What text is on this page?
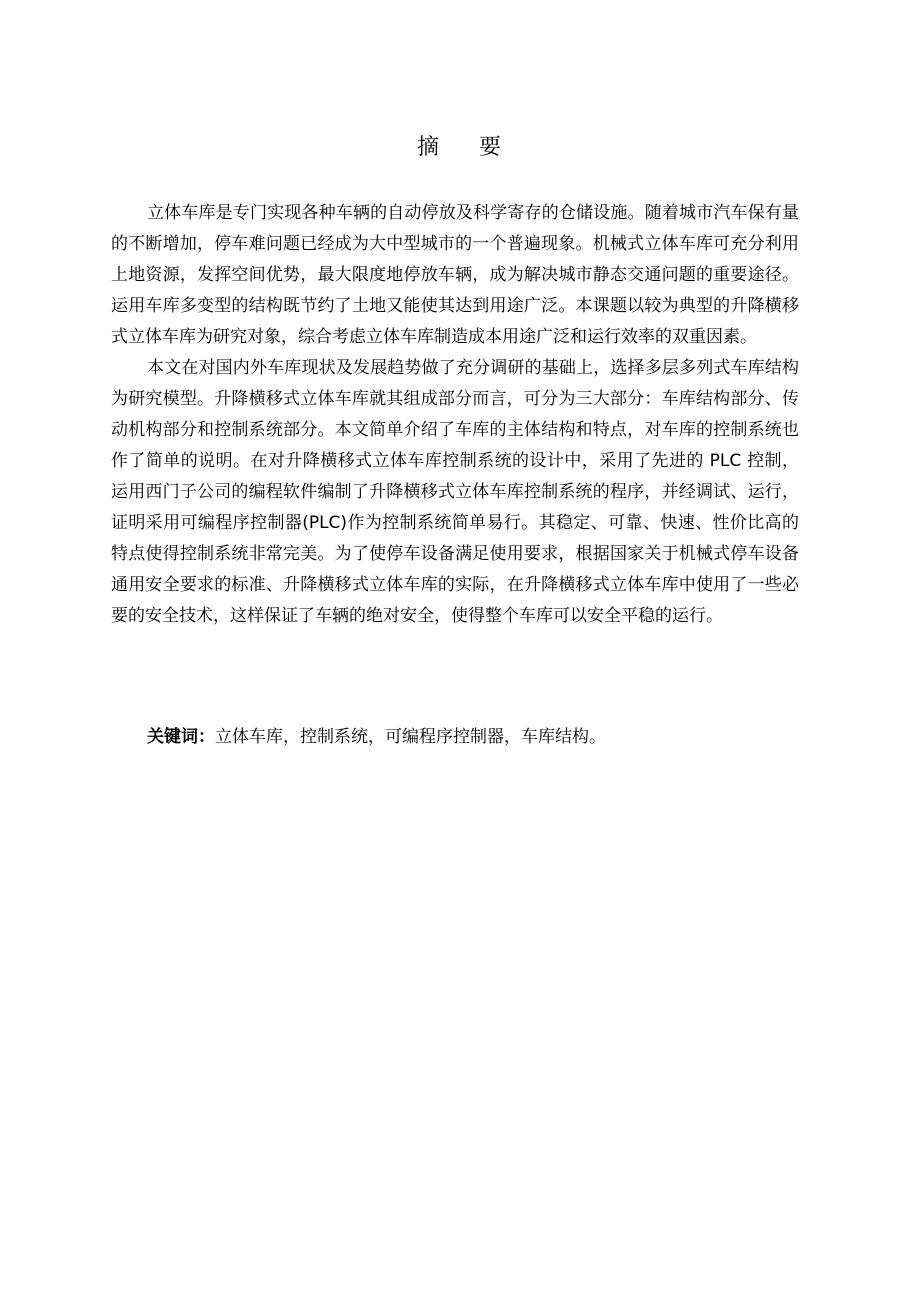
摘 要

立体车库是专门实现各种车辆的自动停放及科学寄存的仓储设施。随着城市汽车保有量的不断增加，停车难问题已经成为大中型城市的一个普遍现象。机械式立体车库可充分利用上地资源，发挥空间优势，最大限度地停放车辆，成为解决城市静态交通问题的重要途径。运用车库多变型的结构既节约了土地又能使其达到用途广泛。本课题以较为典型的升降横移式立体车库为研究对象，综合考虑立体车库制造成本用途广泛和运行效率的双重因素。

本文在对国内外车库现状及发展趋势做了充分调研的基础上，选择多层多列式车库结构为研究模型。升降横移式立体车库就其组成部分而言，可分为三大部分：车库结构部分、传动机构部分和控制系统部分。本文简单介绍了车库的主体结构和特点，对车库的控制系统也作了简单的说明。在对升降横移式立体车库控制系统的设计中，采用了先进的 PLC 控制，运用西门子公司的编程软件编制了升降横移式立体车库控制系统的程序，并经调试、运行，证明采用可编程序控制器(PLC)作为控制系统简单易行。其稳定、可靠、快速、性价比高的特点使得控制系统非常完美。为了使停车设备满足使用要求，根据国家关于机械式停车设备通用安全要求的标准、升降横移式立体车库的实际，在升降横移式立体车库中使用了一些必要的安全技术，这样保证了车辆的绝对安全，使得整个车库可以安全平稳的运行。

关键词：立体车库，控制系统，可编程序控制器，车库结构。
